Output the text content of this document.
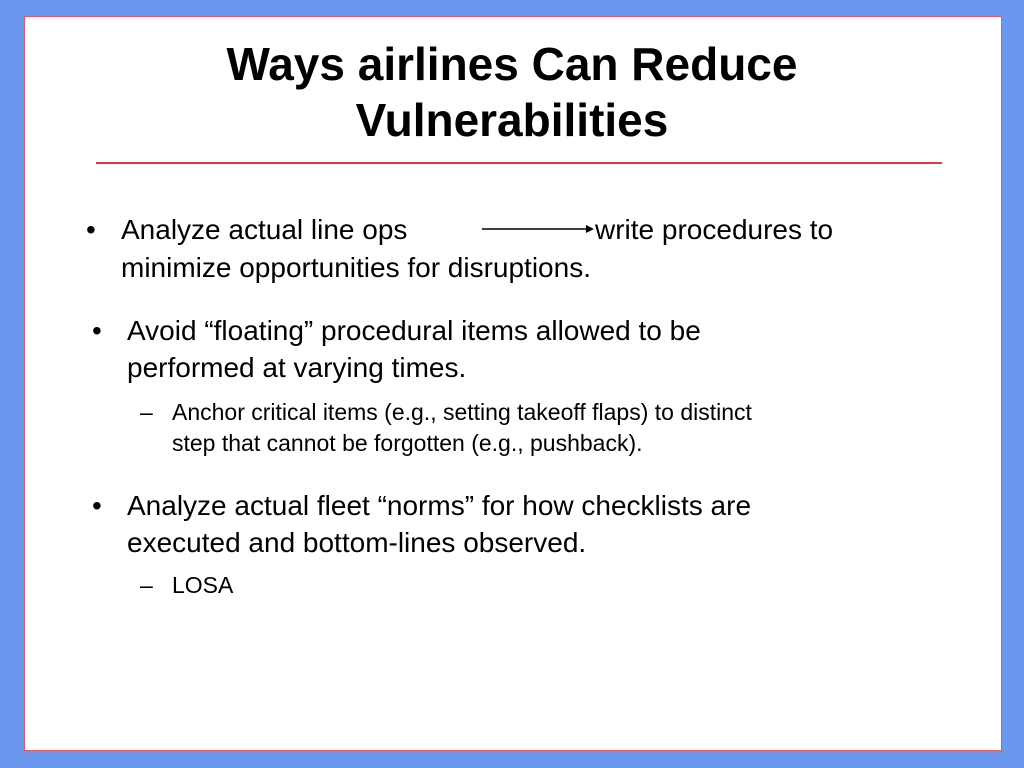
Ways airlines Can Reduce
Vulnerabilities
• Analyze actual line ops	write procedures to
minimize opportunities for disruptions.
• Avoid “floating” procedural items allowed to be
performed at varying times.
– Anchor critical items (e.g., setting takeoff flaps) to distinct
step that cannot be forgotten (e.g., pushback).
• Analyze actual fleet “norms” for how checklists are
executed and bottom-lines observed.
– LOSA
